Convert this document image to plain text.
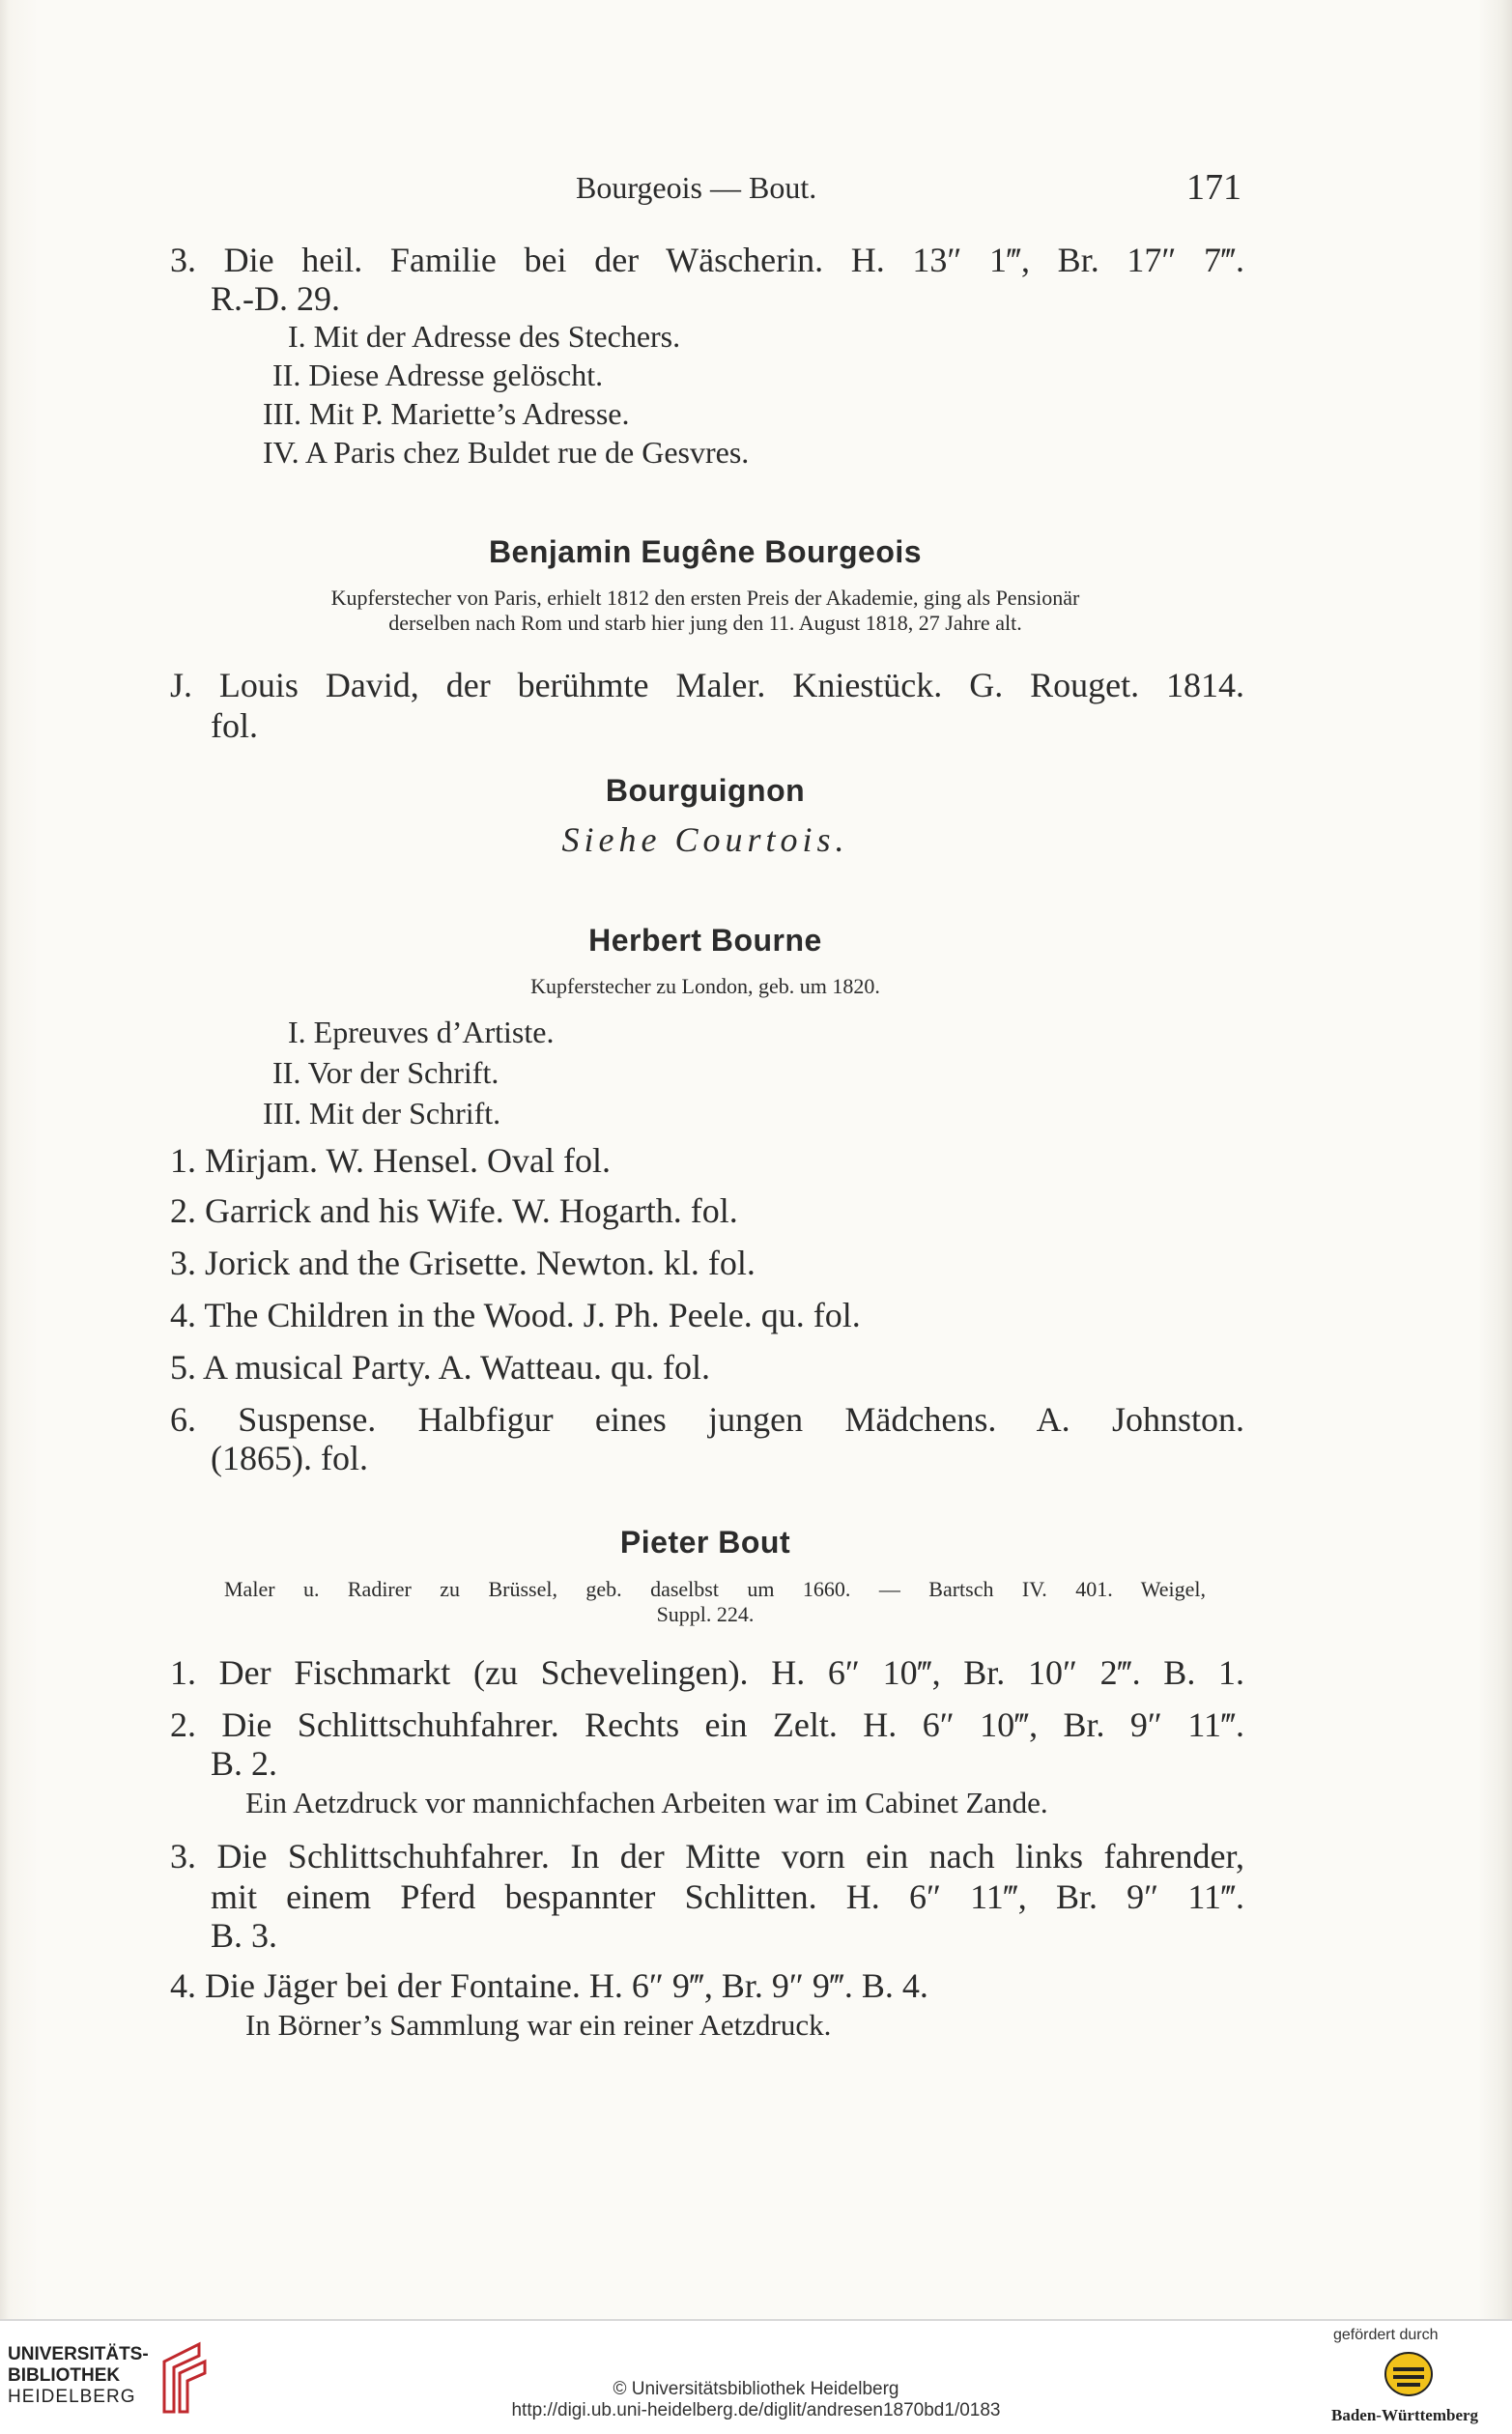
Bourgeois — Bout.	171
3. Die heil. Familie bei der Wäscherin. H. 13″ 1‴, Br. 17″ 7‴.
R.-D. 29.
I. Mit der Adresse des Stechers.
II. Diese Adresse gelöscht.
III. Mit P. Mariette’s Adresse.
IV. A Paris chez Buldet rue de Gesvres.
Benjamin Eugêne Bourgeois
Kupferstecher von Paris, erhielt 1812 den ersten Preis der Akademie, ging als Pensionär
derselben nach Rom und starb hier jung den 11. August 1818, 27 Jahre alt.
J. Louis David, der berühmte Maler. Kniestück. G. Rouget. 1814.
fol.
Bourguignon
Siehe Courtois.
Herbert Bourne
Kupferstecher zu London, geb. um 1820.
I. Epreuves d’Artiste.
II. Vor der Schrift.
III. Mit der Schrift.
1. Mirjam. W. Hensel. Oval fol.
2. Garrick and his Wife. W. Hogarth. fol.
3. Jorick and the Grisette. Newton. kl. fol.
4. The Children in the Wood. J. Ph. Peele. qu. fol.
5. A musical Party. A. Watteau. qu. fol.
6. Suspense. Halbfigur eines jungen Mädchens. A. Johnston.
(1865). fol.
Pieter Bout
Maler u. Radirer zu Brüssel, geb. daselbst um 1660. — Bartsch IV. 401. Weigel,
Suppl. 224.
1. Der Fischmarkt (zu Schevelingen). H. 6″ 10‴, Br. 10″ 2‴. B. 1.
2. Die Schlittschuhfahrer. Rechts ein Zelt. H. 6″ 10‴, Br. 9″ 11‴.
B. 2.
Ein Aetzdruck vor mannichfachen Arbeiten war im Cabinet Zande.
3. Die Schlittschuhfahrer. In der Mitte vorn ein nach links fahrender,
mit einem Pferd bespannter Schlitten. H. 6″ 11‴, Br. 9″ 11‴.
B. 3.
4. Die Jäger bei der Fontaine. H. 6″ 9‴, Br. 9″ 9‴. B. 4.
In Börner’s Sammlung war ein reiner Aetzdruck.
UNIVERSITÄTS-
BIBLIOTHEK
HEIDELBERG	© Universitätsbibliothek Heidelberg
http://digi.ub.uni-heidelberg.de/diglit/andresen1870bd1/0183
gefördert durch
Baden-Württemberg
